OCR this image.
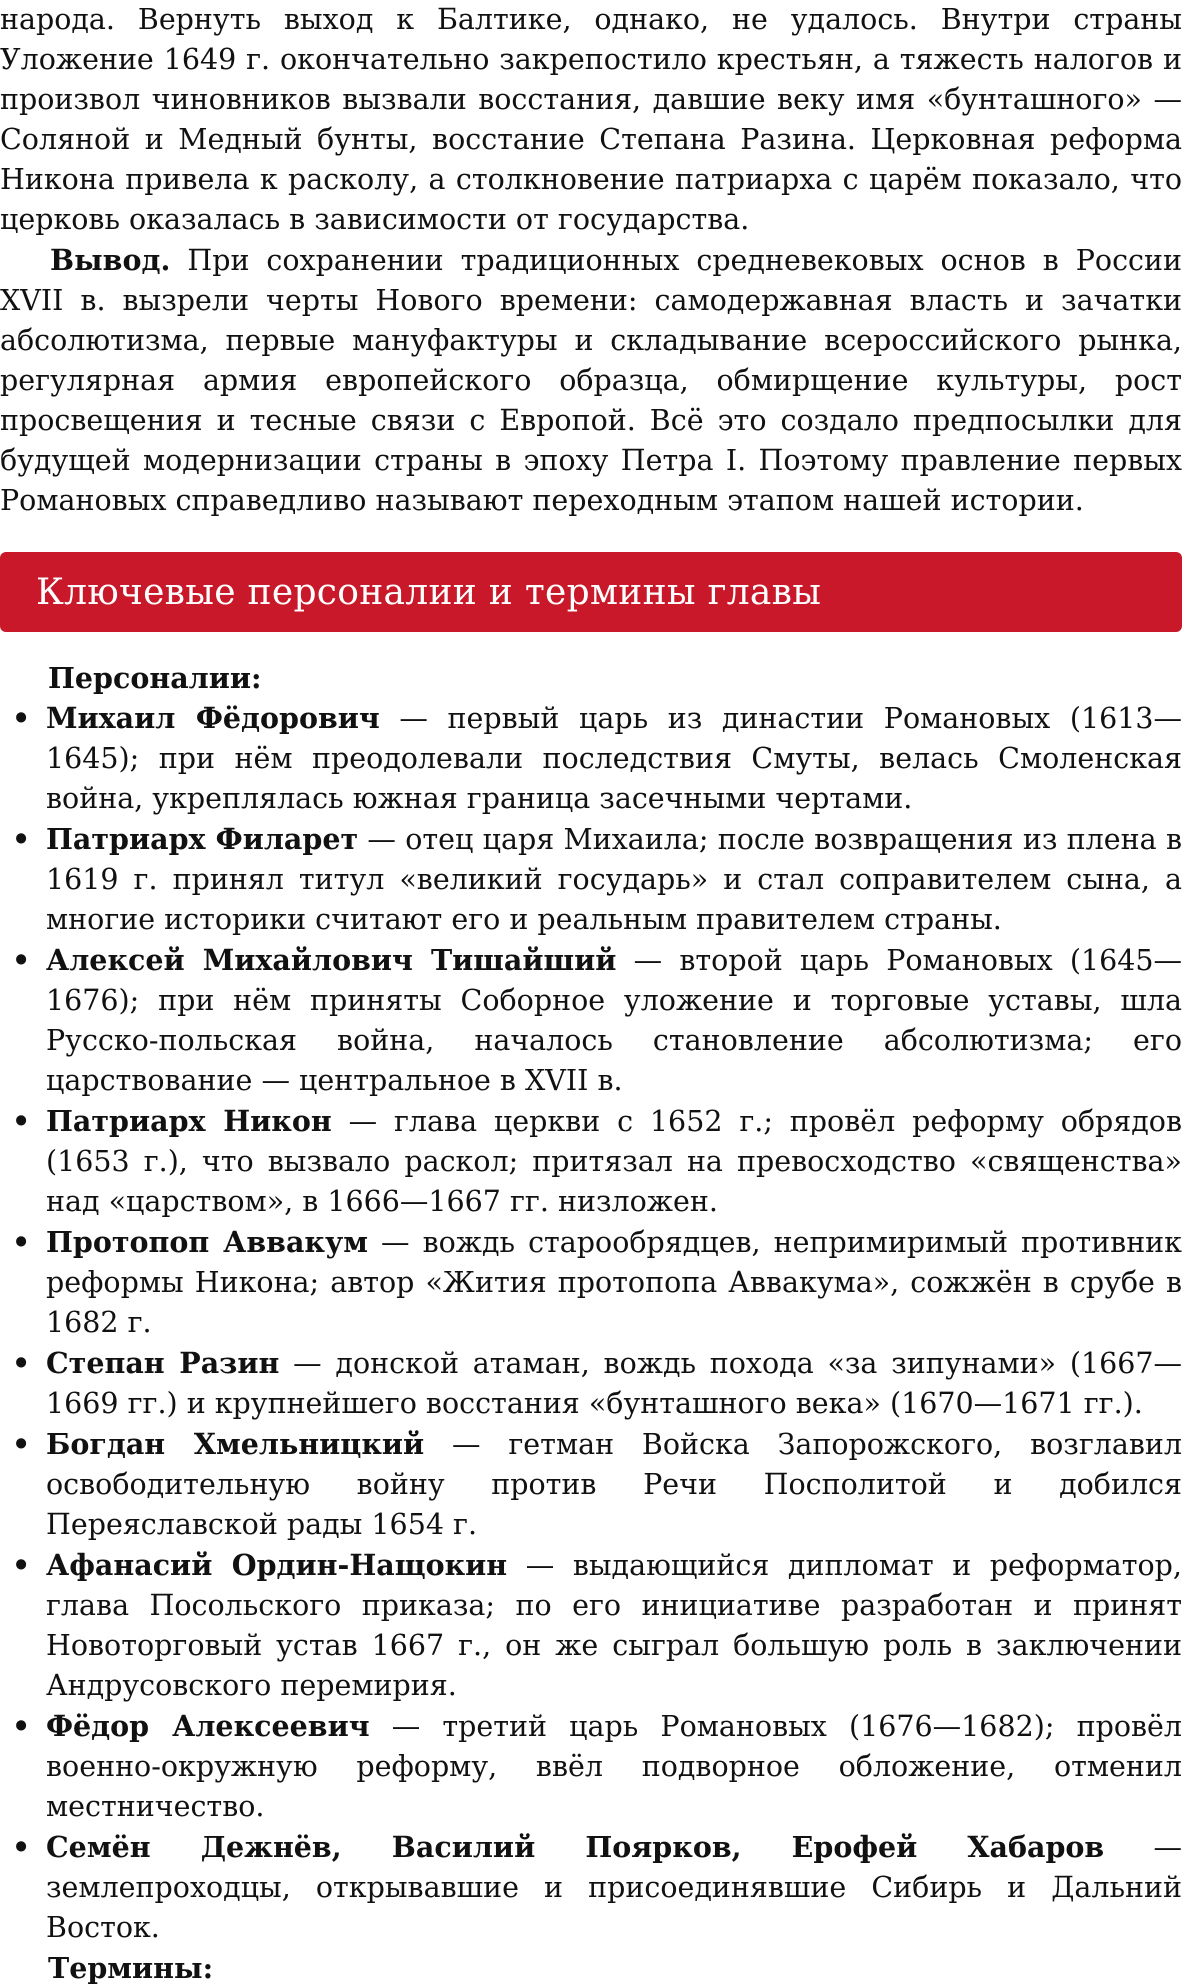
народа. Вернуть выход к Балтике, однако, не удалось. Внутри страны Уложение 1649 г. окончательно закрепостило крестьян, а тяжесть налогов и произвол чиновников вызвали восстания, давшие веку имя «бунташного» — Соляной и Медный бунты, восстание Степана Разина. Церковная реформа Никона привела к расколу, а столкновение патриарха с царём показало, что церковь оказалась в зависимости от государства.

Вывод. При сохранении традиционных средневековых основ в России XVII в. вызрели черты Нового времени: самодержавная власть и зачатки абсолютизма, первые мануфактуры и складывание всероссийского рынка, регулярная армия европейского образца, обмирщение культуры, рост просвещения и тесные связи с Европой. Всё это создало предпосылки для будущей модернизации страны в эпоху Петра I. Поэтому правление первых Романовых справедливо называют переходным этапом нашей истории.

Ключевые персоналии и термины главы

Персоналии:

• Михаил Фёдорович — первый царь из династии Романовых (1613—1645); при нём преодолевали последствия Смуты, велась Смоленская война, укреплялась южная граница засечными чертами.
• Патриарх Филарет — отец царя Михаила; после возвращения из плена в 1619 г. принял титул «великий государь» и стал соправителем сына, а многие историки считают его и реальным правителем страны.
• Алексей Михайлович Тишайший — второй царь Романовых (1645—1676); при нём приняты Соборное уложение и торговые уставы, шла Русско-польская война, началось становление абсолютизма; его царствование — центральное в XVII в.
• Патриарх Никон — глава церкви с 1652 г.; провёл реформу обрядов (1653 г.), что вызвало раскол; притязал на превосходство «священства» над «царством», в 1666—1667 гг. низложен.
• Протопоп Аввакум — вождь старообрядцев, непримиримый противник реформы Никона; автор «Жития протопопа Аввакума», сожжён в срубе в 1682 г.
• Степан Разин — донской атаман, вождь похода «за зипунами» (1667—1669 гг.) и крупнейшего восстания «бунташного века» (1670—1671 гг.).
• Богдан Хмельницкий — гетман Войска Запорожского, возглавил освободительную войну против Речи Посполитой и добился Переяславской рады 1654 г.
• Афанасий Ордин-Нащокин — выдающийся дипломат и реформатор, глава Посольского приказа; по его инициативе разработан и принят Новоторговый устав 1667 г., он же сыграл большую роль в заключении Андрусовского перемирия.
• Фёдор Алексеевич — третий царь Романовых (1676—1682); провёл военно-окружную реформу, ввёл подворное обложение, отменил местничество.
• Семён Дежнёв, Василий Поярков, Ерофей Хабаров — землепроходцы, открывавшие и присоединявшие Сибирь и Дальний Восток.

Термины:
